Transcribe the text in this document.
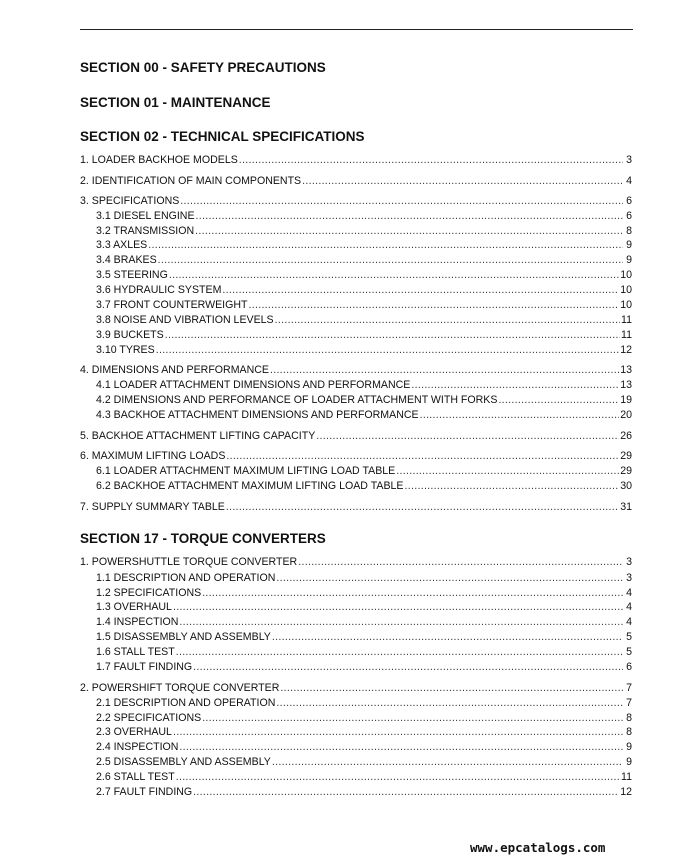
SECTION 00 - SAFETY PRECAUTIONS
SECTION 01 - MAINTENANCE
SECTION 02 - TECHNICAL SPECIFICATIONS
1. LOADER BACKHOE MODELS .....	3
2. IDENTIFICATION OF MAIN COMPONENTS .....	4
3. SPECIFICATIONS .....	6
3.1 DIESEL ENGINE .....	6
3.2 TRANSMISSION .....	8
3.3 AXLES .....	9
3.4 BRAKES .....	9
3.5 STEERING .....	10
3.6 HYDRAULIC SYSTEM .....	10
3.7 FRONT COUNTERWEIGHT .....	10
3.8 NOISE AND VIBRATION LEVELS .....	11
3.9 BUCKETS .....	11
3.10 TYRES .....	12
4. DIMENSIONS AND PERFORMANCE .....	13
4.1 LOADER ATTACHMENT DIMENSIONS AND PERFORMANCE .....	13
4.2 DIMENSIONS AND PERFORMANCE OF LOADER ATTACHMENT WITH FORKS .....	19
4.3 BACKHOE ATTACHMENT DIMENSIONS AND PERFORMANCE .....	20
5. BACKHOE ATTACHMENT LIFTING CAPACITY .....	26
6. MAXIMUM LIFTING LOADS .....	29
6.1 LOADER ATTACHMENT MAXIMUM LIFTING LOAD TABLE .....	29
6.2 BACKHOE ATTACHMENT MAXIMUM LIFTING LOAD TABLE .....	30
7. SUPPLY SUMMARY TABLE .....	31
SECTION 17 - TORQUE CONVERTERS
1. POWERSHUTTLE TORQUE CONVERTER .....	3
1.1 DESCRIPTION AND OPERATION .....	3
1.2 SPECIFICATIONS .....	4
1.3 OVERHAUL .....	4
1.4 INSPECTION .....	4
1.5 DISASSEMBLY AND ASSEMBLY .....	5
1.6 STALL TEST .....	5
1.7 FAULT FINDING .....	6
2. POWERSHIFT TORQUE CONVERTER .....	7
2.1 DESCRIPTION AND OPERATION .....	7
2.2 SPECIFICATIONS .....	8
2.3 OVERHAUL .....	8
2.4 INSPECTION .....	9
2.5 DISASSEMBLY AND ASSEMBLY .....	9
2.6 STALL TEST .....	11
2.7 FAULT FINDING .....	12
www.epcatalogs.com
